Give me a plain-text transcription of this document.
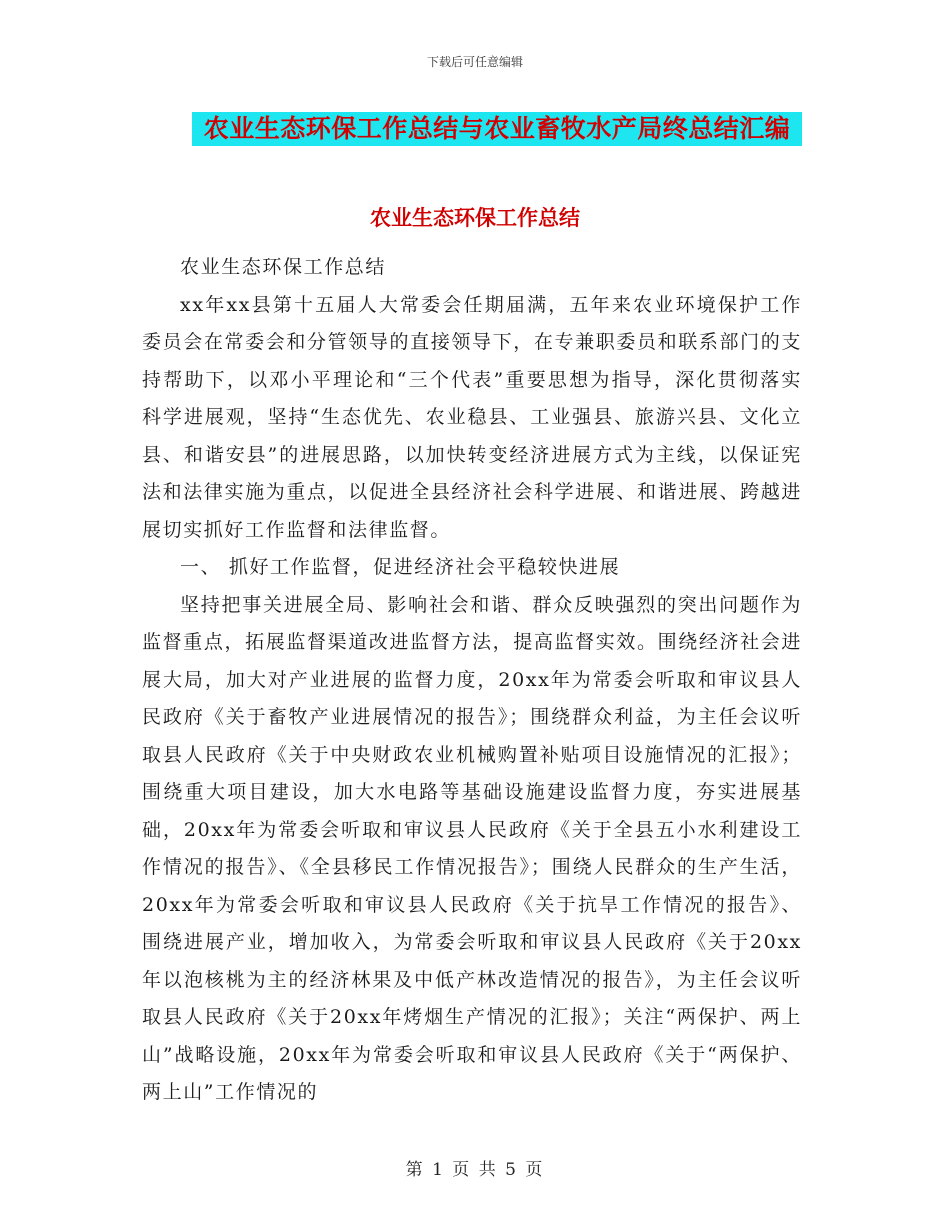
下载后可任意编辑
农业生态环保工作总结与农业畜牧水产局终总结汇编
农业生态环保工作总结

农业生态环保工作总结

xx年xx县第十五届人大常委会任期届满，五年来农业环境保护工作委员会在常委会和分管领导的直接领导下，在专兼职委员和联系部门的支持帮助下，以邓小平理论和“三个代表”重要思想为指导，深化贯彻落实科学进展观，坚持“生态优先、农业稳县、工业强县、旅游兴县、文化立县、和谐安县”的进展思路，以加快转变经济进展方式为主线，以保证宪法和法律实施为重点，以促进全县经济社会科学进展、和谐进展、跨越进展切实抓好工作监督和法律监督。

一、 抓好工作监督，促进经济社会平稳较快进展

坚持把事关进展全局、影响社会和谐、群众反映强烈的突出问题作为监督重点，拓展监督渠道改进监督方法，提高监督实效。围绕经济社会进展大局，加大对产业进展的监督力度，20xx年为常委会听取和审议县人民政府《关于畜牧产业进展情况的报告》；围绕群众利益，为主任会议听取县人民政府《关于中央财政农业机械购置补贴项目设施情况的汇报》；围绕重大项目建设，加大水电路等基础设施建设监督力度，夯实进展基础，20xx年为常委会听取和审议县人民政府《关于全县五小水利建设工作情况的报告》、《全县移民工作情况报告》；围绕人民群众的生产生活，20xx年为常委会听取和审议县人民政府《关于抗旱工作情况的报告》、围绕进展产业，增加收入，为常委会听取和审议县人民政府《关于20xx年以泡核桃为主的经济林果及中低产林改造情况的报告》，为主任会议听取县人民政府《关于20xx年烤烟生产情况的汇报》；关注“两保护、两上山”战略设施，20xx年为常委会听取和审议县人民政府《关于“两保护、两上山”工作情况的

第 1 页 共 5 页
